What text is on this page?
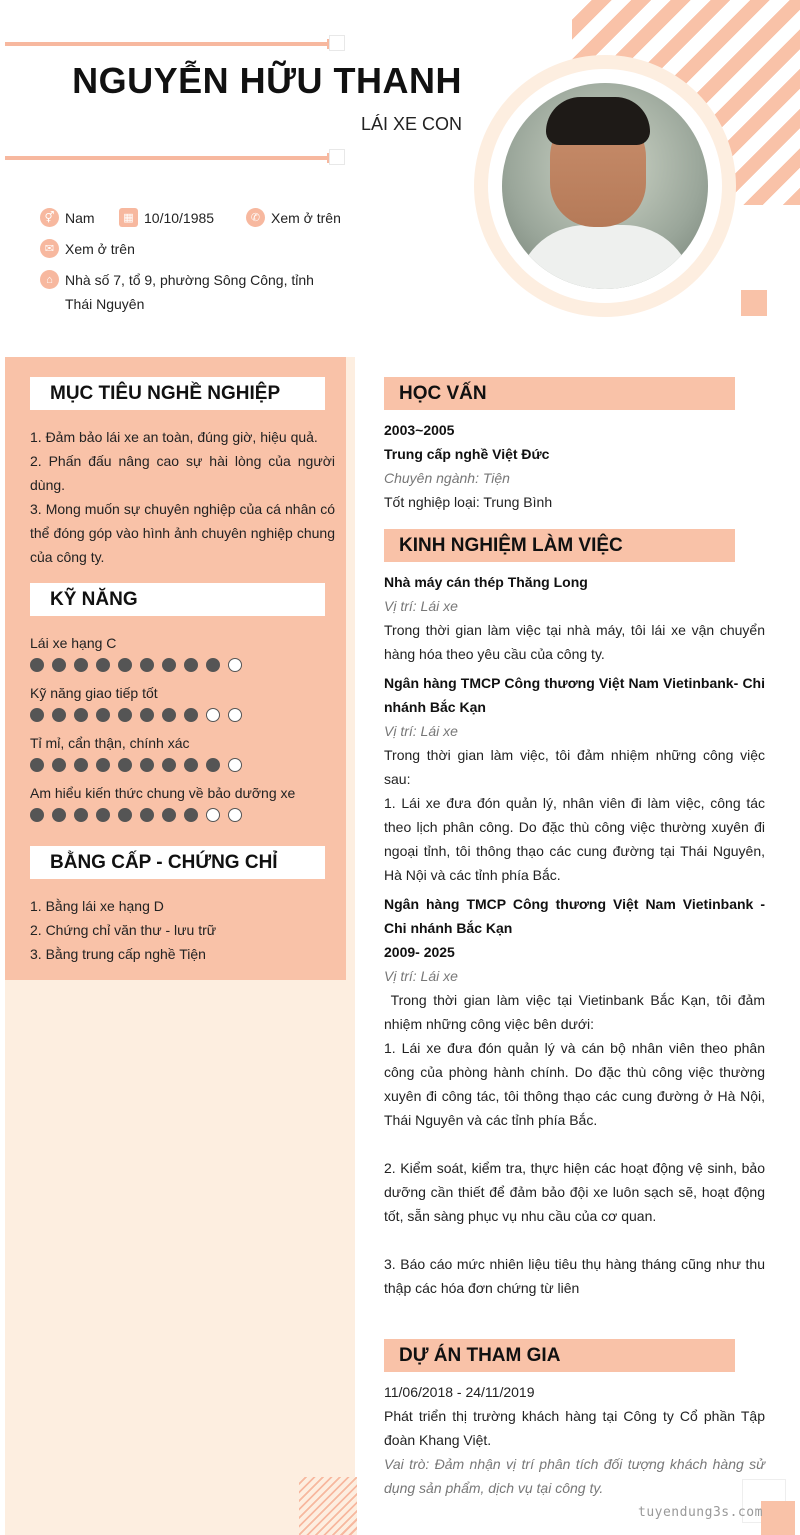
NGUYỄN HỮU THANH
LÁI XE CON
⚥ Nam	▦ 10/10/1985	✆ Xem ở trên
✉ Xem ở trên
⌂ Nhà số 7, tổ 9, phường Sông Công, tỉnh Thái Nguyên
MỤC TIÊU NGHỀ NGHIỆP
1. Đảm bảo lái xe an toàn, đúng giờ, hiệu quả.
2. Phấn đấu nâng cao sự hài lòng của người dùng.
3. Mong muốn sự chuyên nghiệp của cá nhân có thể đóng góp vào hình ảnh chuyên nghiệp chung của công ty.
KỸ NĂNG
Lái xe hạng C
Kỹ năng giao tiếp tốt
Tỉ mỉ, cẩn thận, chính xác
Am hiểu kiến thức chung về bảo dưỡng xe
BẰNG CẤP - CHỨNG CHỈ
1. Bằng lái xe hạng D
2. Chứng chỉ văn thư - lưu trữ
3. Bằng trung cấp nghề Tiện
HỌC VẤN
2003~2005
Trung cấp nghề Việt Đức
Chuyên ngành: Tiện
Tốt nghiệp loại: Trung Bình
KINH NGHIỆM LÀM VIỆC
Nhà máy cán thép Thăng Long
Vị trí: Lái xe
Trong thời gian làm việc tại nhà máy, tôi lái xe vận chuyển hàng hóa theo yêu cầu của công ty.
Ngân hàng TMCP Công thương Việt Nam Vietinbank- Chi nhánh Bắc Kạn
Vị trí: Lái xe
Trong thời gian làm việc, tôi đảm nhiệm những công việc sau:
1. Lái xe đưa đón quản lý, nhân viên đi làm việc, công tác theo lịch phân công. Do đặc thù công việc thường xuyên đi ngoại tỉnh, tôi thông thạo các cung đường tại Thái Nguyên, Hà Nội và các tỉnh phía Bắc.
Ngân hàng TMCP Công thương Việt Nam Vietinbank - Chi nhánh Bắc Kạn
2009- 2025
Vị trí: Lái xe
Trong thời gian làm việc tại Vietinbank Bắc Kạn, tôi đảm nhiệm những công việc bên dưới:
1. Lái xe đưa đón quản lý và cán bộ nhân viên theo phân công của phòng hành chính. Do đặc thù công việc thường xuyên đi công tác, tôi thông thạo các cung đường ở Hà Nội, Thái Nguyên và các tỉnh phía Bắc.
2. Kiểm soát, kiểm tra, thực hiện các hoạt động vệ sinh, bảo dưỡng cần thiết để đảm bảo đội xe luôn sạch sẽ, hoạt động tốt, sẵn sàng phục vụ nhu cầu của cơ quan.
3. Báo cáo mức nhiên liệu tiêu thụ hàng tháng cũng như thu thập các hóa đơn chứng từ liên
DỰ ÁN THAM GIA
11/06/2018 - 24/11/2019
Phát triển thị trường khách hàng tại Công ty Cổ phần Tập đoàn Khang Việt.
Vai trò: Đảm nhận vị trí phân tích đối tượng khách hàng sử dụng sản phẩm, dịch vụ tại công ty.
tuyendung3s.com
